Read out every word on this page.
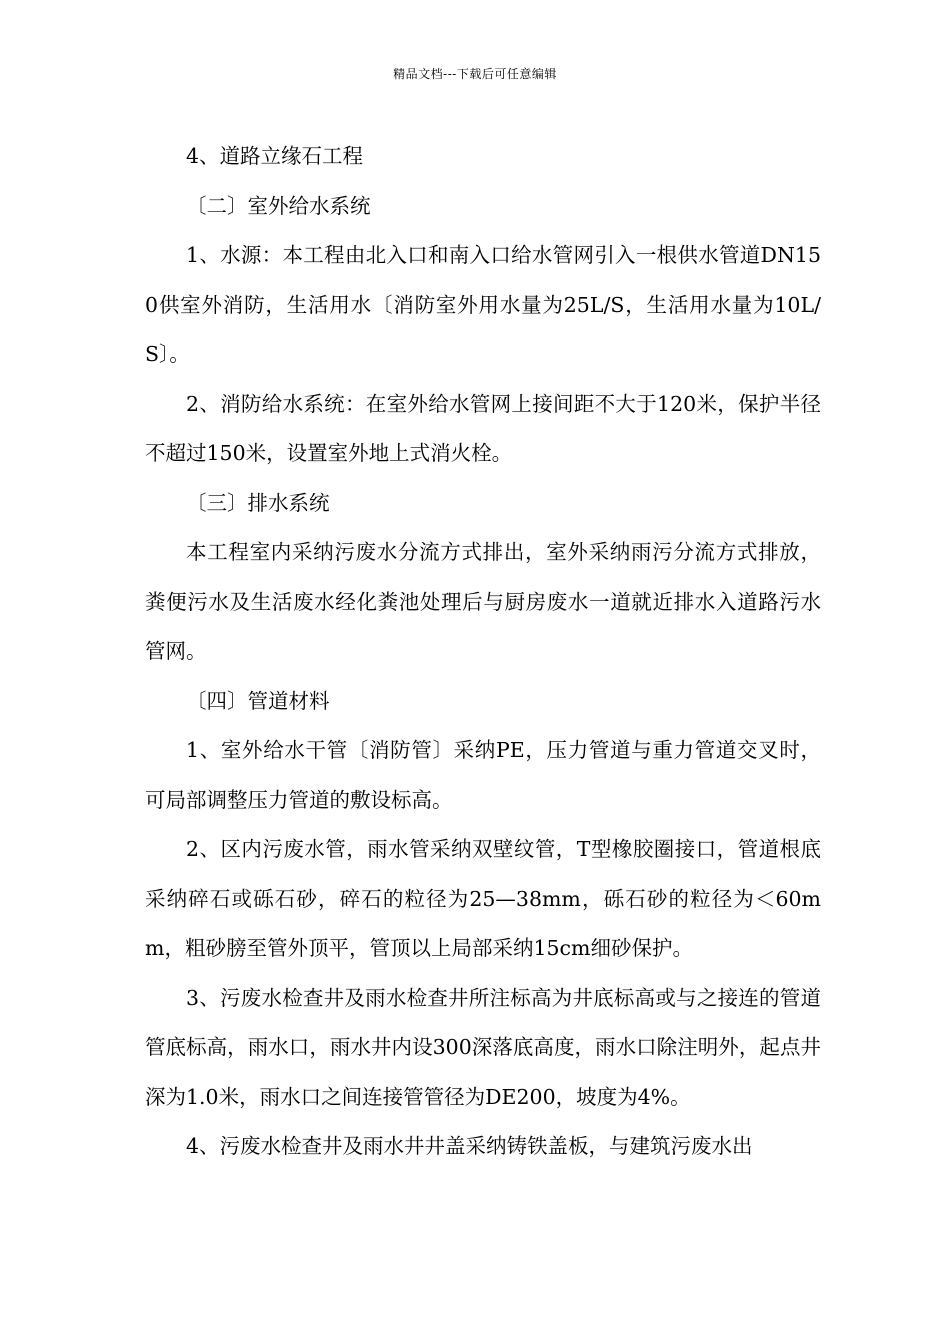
精品文档---下载后可任意编辑

4、道路立缘石工程

〔二〕室外给水系统

1、水源：本工程由北入口和南入口给水管网引入一根供水管道DN150供室外消防，生活用水〔消防室外用水量为25L/S，生活用水量为10L/S〕。

2、消防给水系统：在室外给水管网上接间距不大于120米，保护半径不超过150米，设置室外地上式消火栓。

〔三〕排水系统

本工程室内采纳污废水分流方式排出，室外采纳雨污分流方式排放，粪便污水及生活废水经化粪池处理后与厨房废水一道就近排水入道路污水管网。

〔四〕管道材料

1、室外给水干管〔消防管〕采纳PE，压力管道与重力管道交叉时，可局部调整压力管道的敷设标高。

2、区内污废水管，雨水管采纳双壁纹管，T型橡胶圈接口，管道根底采纳碎石或砾石砂，碎石的粒径为25—38mm，砾石砂的粒径为＜60mm，粗砂膀至管外顶平，管顶以上局部采纳15cm细砂保护。

3、污废水检查井及雨水检查井所注标高为井底标高或与之接连的管道管底标高，雨水口，雨水井内设300深落底高度，雨水口除注明外，起点井深为1.0米，雨水口之间连接管管径为DE200，坡度为4%。

4、污废水检查井及雨水井井盖采纳铸铁盖板，与建筑污废水出
